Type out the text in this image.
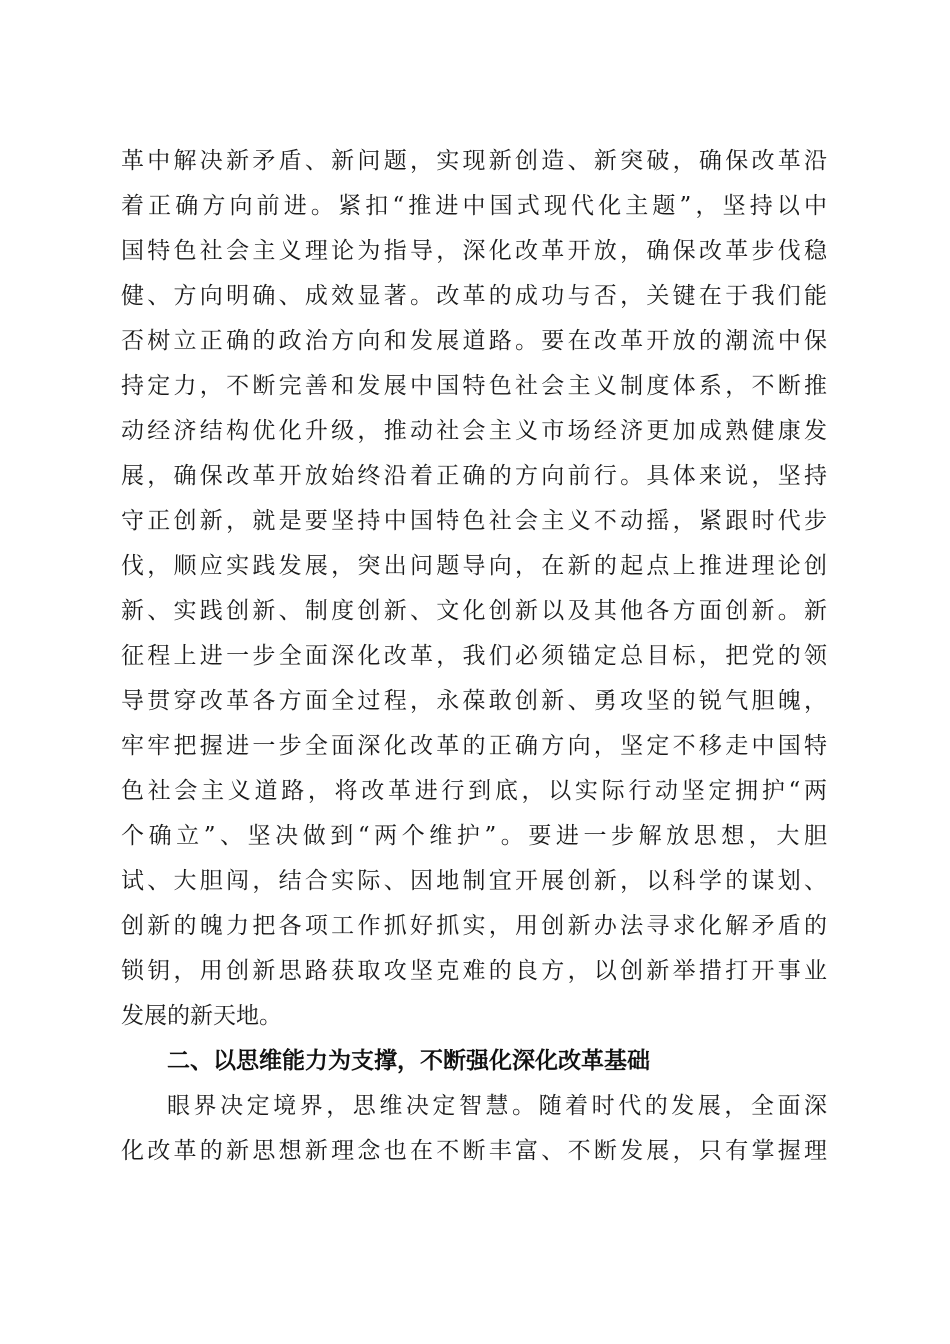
革中解决新矛盾、新问题，实现新创造、新突破，确保改革沿
着正确方向前进。紧扣“推进中国式现代化主题”，坚持以中
国特色社会主义理论为指导，深化改革开放，确保改革步伐稳
健、方向明确、成效显著。改革的成功与否，关键在于我们能
否树立正确的政治方向和发展道路。要在改革开放的潮流中保
持定力，不断完善和发展中国特色社会主义制度体系，不断推
动经济结构优化升级，推动社会主义市场经济更加成熟健康发
展，确保改革开放始终沿着正确的方向前行。具体来说，坚持
守正创新，就是要坚持中国特色社会主义不动摇，紧跟时代步
伐，顺应实践发展，突出问题导向，在新的起点上推进理论创
新、实践创新、制度创新、文化创新以及其他各方面创新。新
征程上进一步全面深化改革，我们必须锚定总目标，把党的领
导贯穿改革各方面全过程，永葆敢创新、勇攻坚的锐气胆魄，
牢牢把握进一步全面深化改革的正确方向，坚定不移走中国特
色社会主义道路，将改革进行到底，以实际行动坚定拥护“两
个确立”、坚决做到“两个维护”。要进一步解放思想，大胆
试、大胆闯，结合实际、因地制宜开展创新，以科学的谋划、
创新的魄力把各项工作抓好抓实，用创新办法寻求化解矛盾的
锁钥，用创新思路获取攻坚克难的良方，以创新举措打开事业
发展的新天地。
二、以思维能力为支撑，不断强化深化改革基础
眼界决定境界，思维决定智慧。随着时代的发展，全面深
化改革的新思想新理念也在不断丰富、不断发展，只有掌握理
